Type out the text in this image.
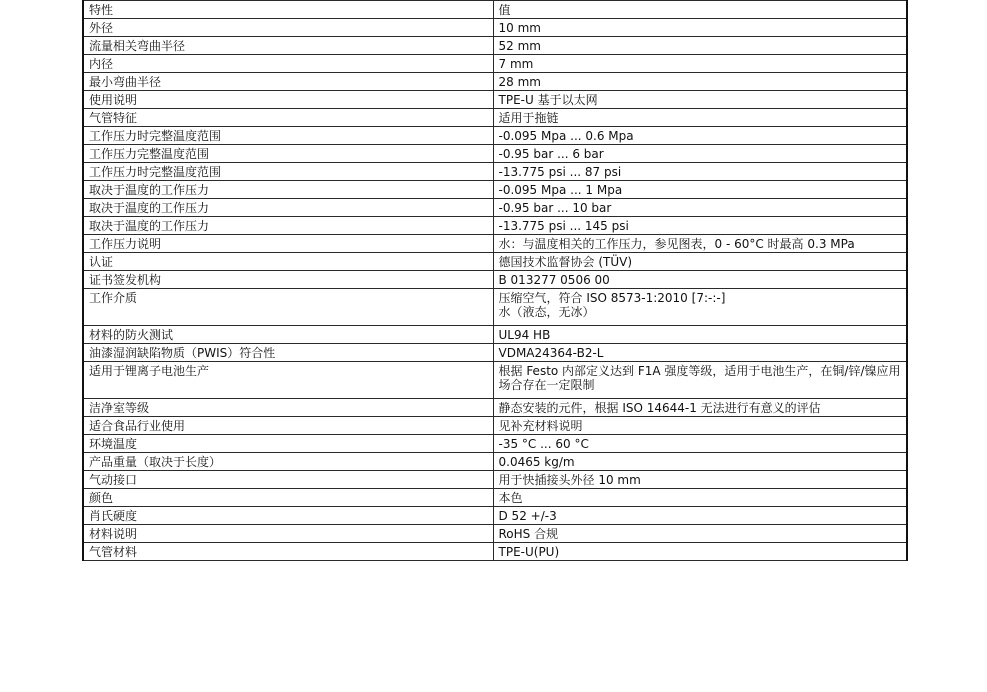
特性	值
外径	10 mm
流量相关弯曲半径	52 mm
内径	7 mm
最小弯曲半径	28 mm
使用说明	TPE-U 基于以太网
气管特征	适用于拖链
工作压力时完整温度范围	-0.095 Mpa ... 0.6 Mpa
工作压力完整温度范围	-0.95 bar ... 6 bar
工作压力时完整温度范围	-13.775 psi ... 87 psi
取决于温度的工作压力	-0.095 Mpa ... 1 Mpa
取决于温度的工作压力	-0.95 bar ... 10 bar
取决于温度的工作压力	-13.775 psi ... 145 psi
工作压力说明	水：与温度相关的工作压力，参见图表，0 - 60°C 时最高 0.3 MPa
认证	德国技术监督协会 (TÜV)
证书签发机构	B 013277 0506 00
工作介质	压缩空气，符合 ISO 8573-1:2010 [7:-:-]
水（液态，无冰）
材料的防火测试	UL94 HB
油漆湿润缺陷物质（PWIS）符合性	VDMA24364-B2-L
适用于锂离子电池生产	根据 Festo 内部定义达到 F1A 强度等级，适用于电池生产，在铜/锌/镍应用场合存在一定限制
洁净室等级	静态安装的元件，根据 ISO 14644-1 无法进行有意义的评估
适合食品行业使用	见补充材料说明
环境温度	-35 °C ... 60 °C
产品重量（取决于长度）	0.0465 kg/m
气动接口	用于快插接头外径 10 mm
颜色	本色
肖氏硬度	D 52 +/-3
材料说明	RoHS 合规
气管材料	TPE-U(PU)
